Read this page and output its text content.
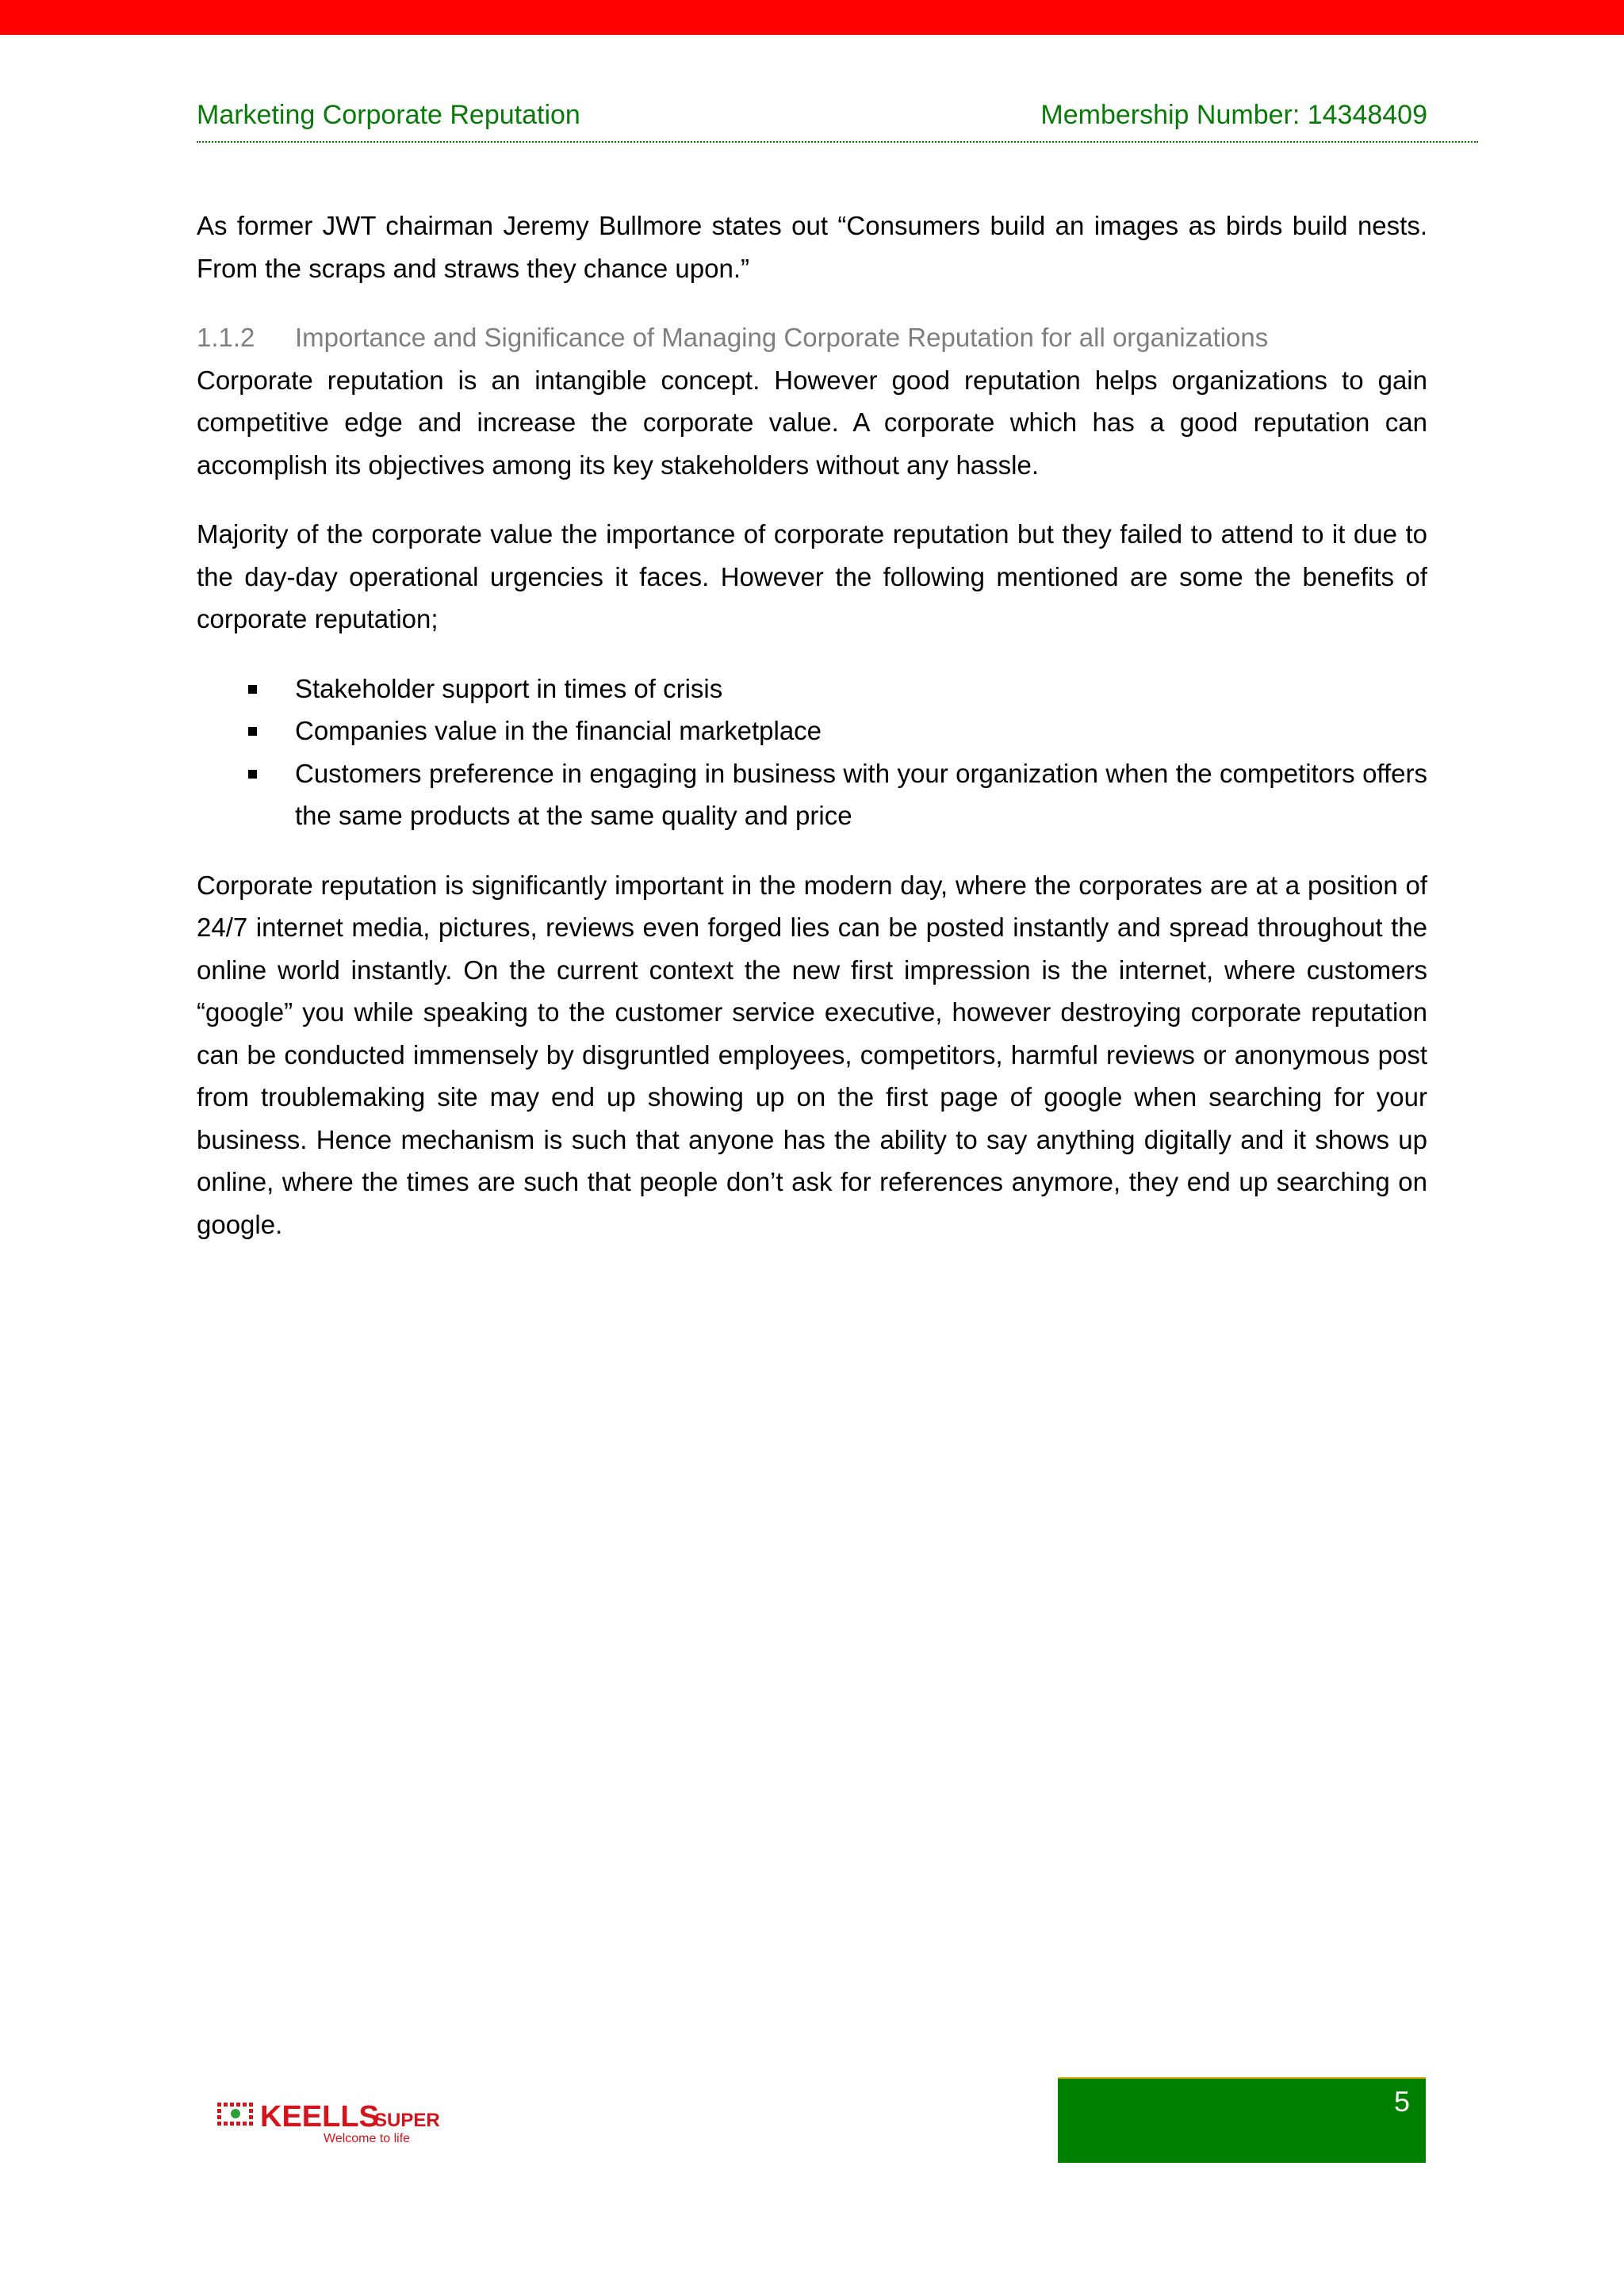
Marketing Corporate Reputation	Membership Number: 14348409

As former JWT chairman Jeremy Bullmore states out “Consumers build an images as birds build nests. From the scraps and straws they chance upon.”

1.1.2 Importance and Significance of Managing Corporate Reputation for all organizations

Corporate reputation is an intangible concept. However good reputation helps organizations to gain competitive edge and increase the corporate value. A corporate which has a good reputation can accomplish its objectives among its key stakeholders without any hassle.

Majority of the corporate value the importance of corporate reputation but they failed to attend to it due to the day-day operational urgencies it faces. However the following mentioned are some the benefits of corporate reputation;

Stakeholder support in times of crisis
Companies value in the financial marketplace
Customers preference in engaging in business with your organization when the competitors offers the same products at the same quality and price

Corporate reputation is significantly important in the modern day, where the corporates are at a position of 24/7 internet media, pictures, reviews even forged lies can be posted instantly and spread throughout the online world instantly. On the current context the new first impression is the internet, where customers “google” you while speaking to the customer service executive, however destroying corporate reputation can be conducted immensely by disgruntled employees, competitors, harmful reviews or anonymous post from troublemaking site may end up showing up on the first page of google when searching for your business. Hence mechanism is such that anyone has the ability to say anything digitally and it shows up online, where the times are such that people don’t ask for references anymore, they end up searching on google.

KEELLS
SUPER
Welcome to life
5
